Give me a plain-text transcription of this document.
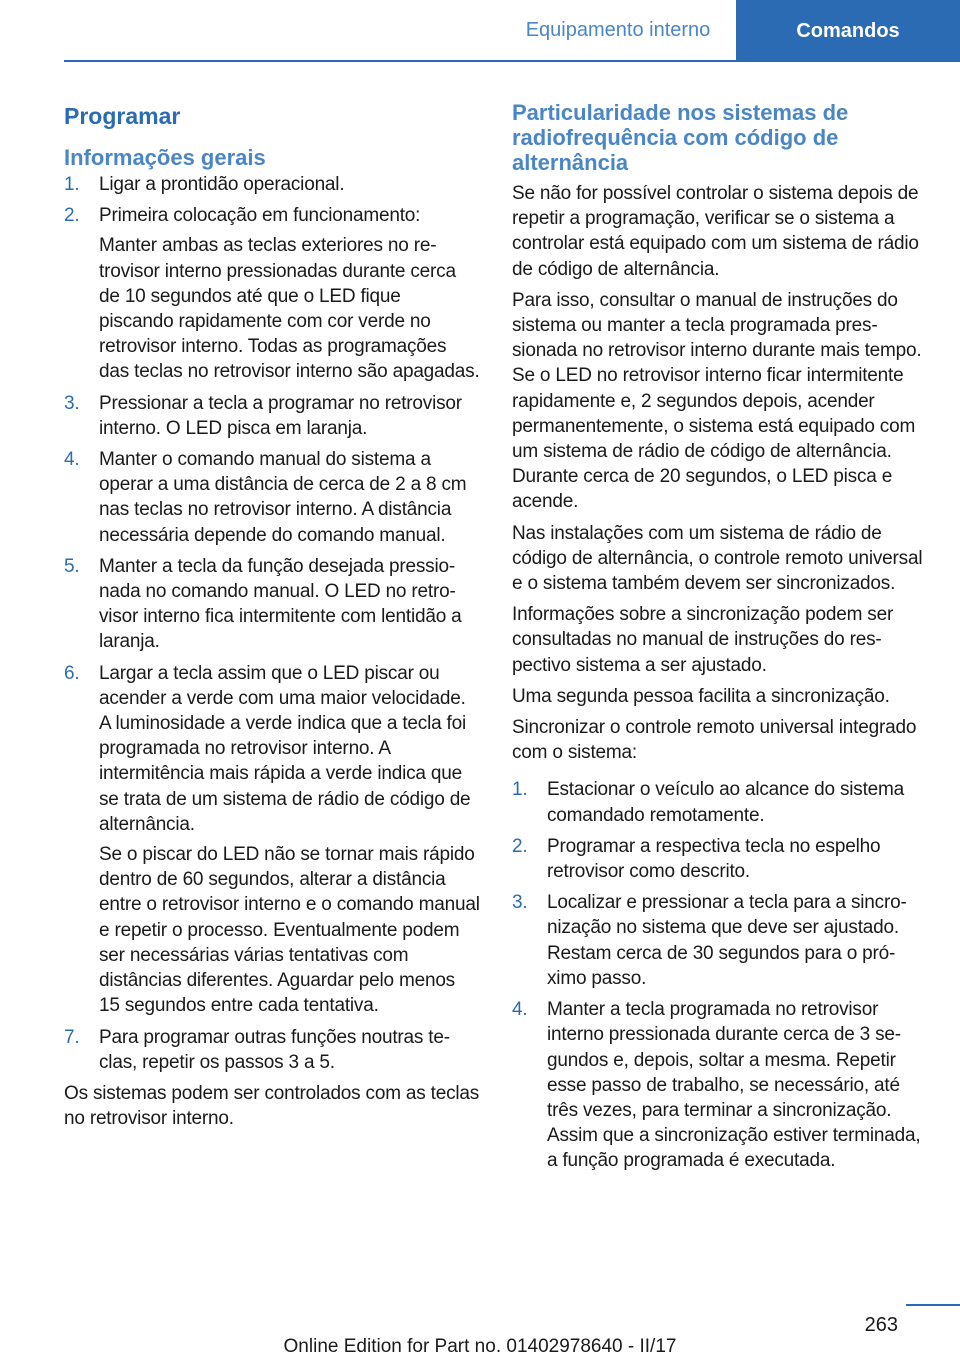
Equipamento interno	Comandos
Programar
Informações gerais
1.	Ligar a prontidão operacional.
2.	Primeira colocação em funcionamento:
Manter ambas as teclas exteriores no retrovisor interno pressionadas durante cerca de 10 segundos até que o LED fique piscando rapidamente com cor verde no retrovisor interno. Todas as programações das teclas no retrovisor interno são apagadas.
3.	Pressionar a tecla a programar no retrovisor interno. O LED pisca em laranja.
4.	Manter o comando manual do sistema a operar a uma distância de cerca de 2 a 8 cm nas teclas no retrovisor interno. A distância necessária depende do comando manual.
5.	Manter a tecla da função desejada pressionada no comando manual. O LED no retrovisor interno fica intermitente com lentidão a laranja.
6.	Largar a tecla assim que o LED piscar ou acender a verde com uma maior velocidade. A luminosidade a verde indica que a tecla foi programada no retrovisor interno. A intermitência mais rápida a verde indica que se trata de um sistema de rádio de código de alternância.
Se o piscar do LED não se tornar mais rápido dentro de 60 segundos, alterar a distância entre o retrovisor interno e o comando manual e repetir o processo. Eventualmente podem ser necessárias várias tentativas com distâncias diferentes. Aguardar pelo menos 15 segundos entre cada tentativa.
7.	Para programar outras funções noutras teclas, repetir os passos 3 a 5.
Os sistemas podem ser controlados com as teclas no retrovisor interno.
Particularidade nos sistemas de radiofrequência com código de alternância
Se não for possível controlar o sistema depois de repetir a programação, verificar se o sistema a controlar está equipado com um sistema de rádio de código de alternância.
Para isso, consultar o manual de instruções do sistema ou manter a tecla programada pressionada no retrovisor interno durante mais tempo. Se o LED no retrovisor interno ficar intermitente rapidamente e, 2 segundos depois, acender permanentemente, o sistema está equipado com um sistema de rádio de código de alternância. Durante cerca de 20 segundos, o LED pisca e acende.
Nas instalações com um sistema de rádio de código de alternância, o controle remoto universal e o sistema também devem ser sincronizados.
Informações sobre a sincronização podem ser consultadas no manual de instruções do respectivo sistema a ser ajustado.
Uma segunda pessoa facilita a sincronização.
Sincronizar o controle remoto universal integrado com o sistema:
1.	Estacionar o veículo ao alcance do sistema comandado remotamente.
2.	Programar a respectiva tecla no espelho retrovisor como descrito.
3.	Localizar e pressionar a tecla para a sincronização no sistema que deve ser ajustado. Restam cerca de 30 segundos para o próximo passo.
4.	Manter a tecla programada no retrovisor interno pressionada durante cerca de 3 segundos e, depois, soltar a mesma. Repetir esse passo de trabalho, se necessário, até três vezes, para terminar a sincronização. Assim que a sincronização estiver terminada, a função programada é executada.
263
Online Edition for Part no. 01402978640 - II/17
